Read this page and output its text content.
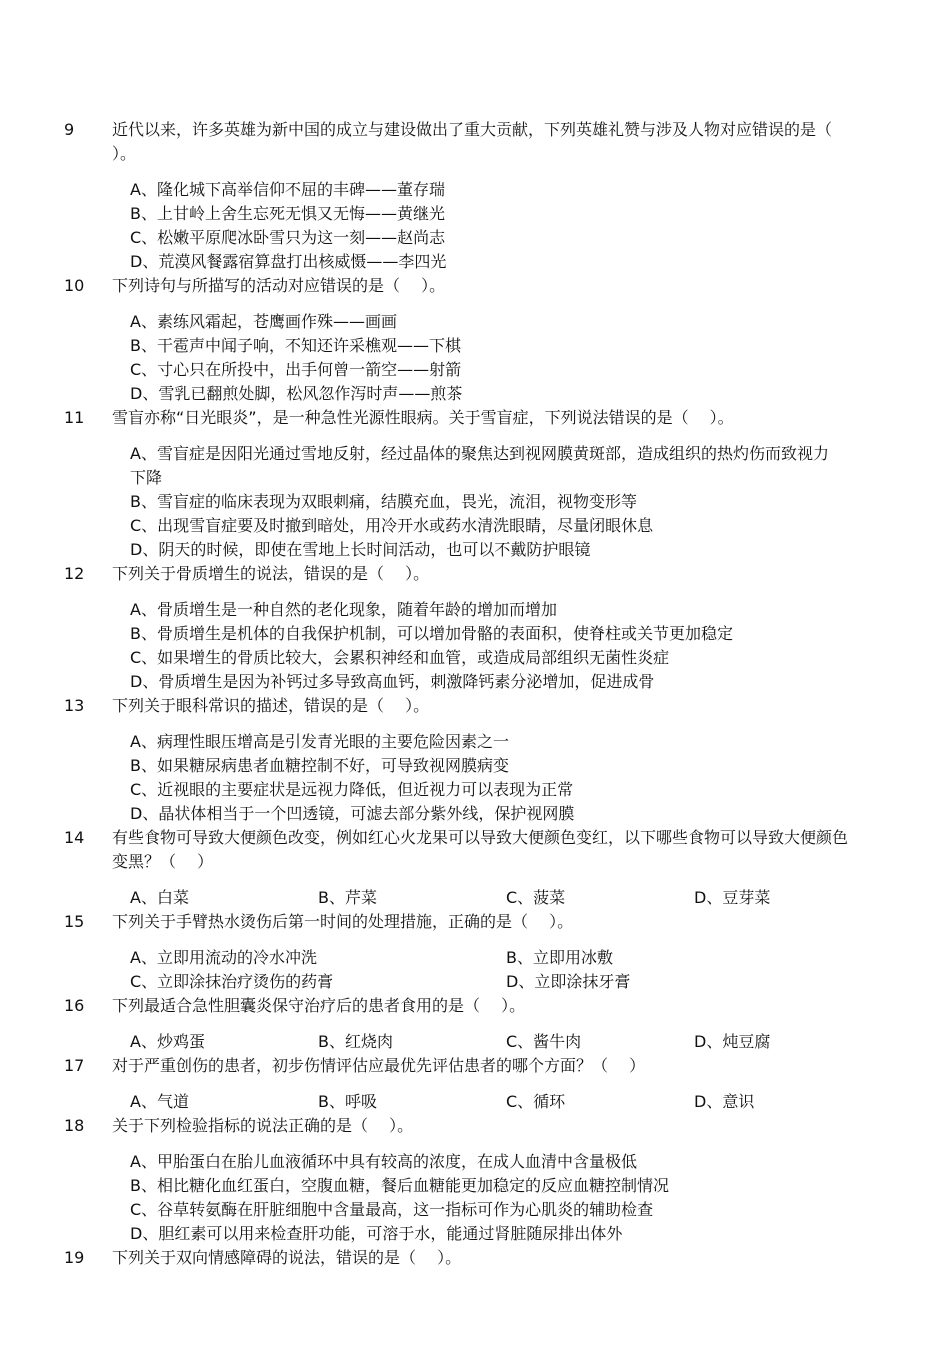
9	近代以来，许多英雄为新中国的成立与建设做出了重大贡献，下列英雄礼赞与涉及人物对应错误的是（　 ）。
A、隆化城下高举信仰不屈的丰碑——董存瑞
B、上甘岭上舍生忘死无惧又无悔——黄继光
C、松嫩平原爬冰卧雪只为这一刻——赵尚志
D、荒漠风餐露宿算盘打出核威慑——李四光
10	下列诗句与所描写的活动对应错误的是（　 ）。
A、素练风霜起，苍鹰画作殊——画画
B、干雹声中闻子响，不知还许采樵观——下棋
C、寸心只在所投中，出手何曾一箭空——射箭
D、雪乳已翻煎处脚，松风忽作泻时声——煎茶
11	雪盲亦称“日光眼炎”，是一种急性光源性眼病。关于雪盲症，下列说法错误的是（　 ）。
A、雪盲症是因阳光通过雪地反射，经过晶体的聚焦达到视网膜黄斑部，造成组织的热灼伤而致视力下降
B、雪盲症的临床表现为双眼刺痛，结膜充血，畏光，流泪，视物变形等
C、出现雪盲症要及时撤到暗处，用冷开水或药水清洗眼睛，尽量闭眼休息
D、阴天的时候，即使在雪地上长时间活动，也可以不戴防护眼镜
12	下列关于骨质增生的说法，错误的是（　 ）。
A、骨质增生是一种自然的老化现象，随着年龄的增加而增加
B、骨质增生是机体的自我保护机制，可以增加骨骼的表面积，使脊柱或关节更加稳定
C、如果增生的骨质比较大，会累积神经和血管，或造成局部组织无菌性炎症
D、骨质增生是因为补钙过多导致高血钙，刺激降钙素分泌增加，促进成骨
13	下列关于眼科常识的描述，错误的是（　 ）。
A、病理性眼压增高是引发青光眼的主要危险因素之一
B、如果糖尿病患者血糖控制不好，可导致视网膜病变
C、近视眼的主要症状是远视力降低，但近视力可以表现为正常
D、晶状体相当于一个凹透镜，可滤去部分紫外线，保护视网膜
14	有些食物可导致大便颜色改变，例如红心火龙果可以导致大便颜色变红，以下哪些食物可以导致大便颜色变黑？（　 ）
A、白菜	B、芹菜	C、菠菜	D、豆芽菜
15	下列关于手臂热水烫伤后第一时间的处理措施，正确的是（　 ）。
A、立即用流动的冷水冲洗	B、立即用冰敷
C、立即涂抹治疗烫伤的药膏	D、立即涂抹牙膏
16	下列最适合急性胆囊炎保守治疗后的患者食用的是（　 ）。
A、炒鸡蛋	B、红烧肉	C、酱牛肉	D、炖豆腐
17	对于严重创伤的患者，初步伤情评估应最优先评估患者的哪个方面？（　 ）
A、气道	B、呼吸	C、循环	D、意识
18	关于下列检验指标的说法正确的是（　 ）。
A、甲胎蛋白在胎儿血液循环中具有较高的浓度，在成人血清中含量极低
B、相比糖化血红蛋白，空腹血糖，餐后血糖能更加稳定的反应血糖控制情况
C、谷草转氨酶在肝脏细胞中含量最高，这一指标可作为心肌炎的辅助检查
D、胆红素可以用来检查肝功能，可溶于水，能通过肾脏随尿排出体外
19	下列关于双向情感障碍的说法，错误的是（　 ）。
